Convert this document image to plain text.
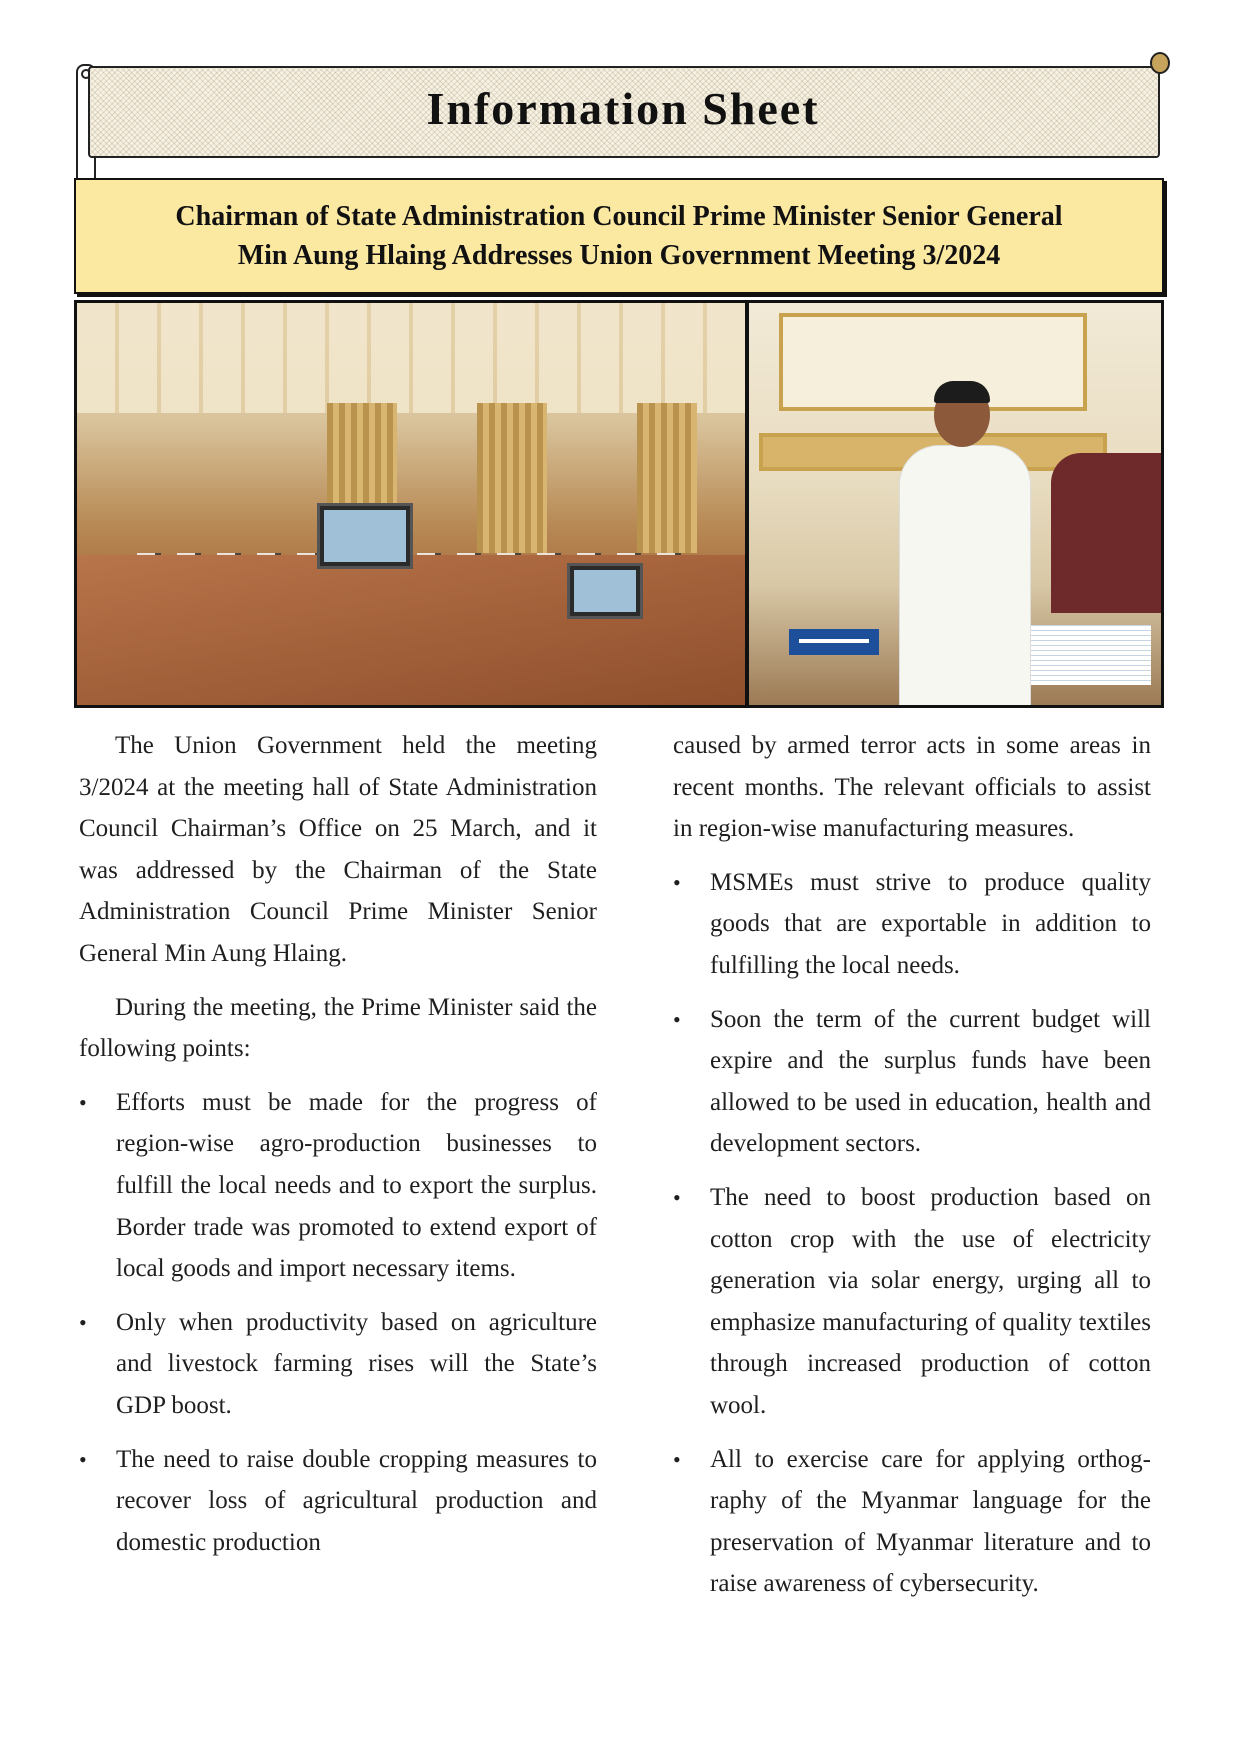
Information Sheet
Chairman of State Administration Council Prime Minister Senior General
Min Aung Hlaing Addresses Union Government Meeting 3/2024

The Union Government held the meeting 3/2024 at the meeting hall of State Administration Council Chairman’s Office on 25 March, and it was addressed by the Chairman of the State Administration Council Prime Minister Senior General Min Aung Hlaing.

During the meeting, the Prime Minister said the following points:

•	Efforts must be made for the progress of region-wise agro-production businesses to fulfill the local needs and to export the surplus. Border trade was promoted to extend export of local goods and import necessary items.
•	Only when productivity based on agriculture and livestock farming rises will the State’s GDP boost.
•	The need to raise double cropping measures to recover loss of agricultural production and domestic production

caused by armed terror acts in some areas in recent months. The relevant officials to assist in region-wise manufacturing measures.

•	MSMEs must strive to produce quality goods that are exportable in addition to fulfilling the local needs.
•	Soon the term of the current budget will expire and the surplus funds have been allowed to be used in education, health and development sectors.
•	The need to boost production based on cotton crop with the use of electricity generation via solar energy, urging all to emphasize manufacturing of quality textiles through increased production of cotton wool.
•	All to exercise care for applying orthography of the Myanmar language for the preservation of Myanmar literature and to raise awareness of cybersecurity.
